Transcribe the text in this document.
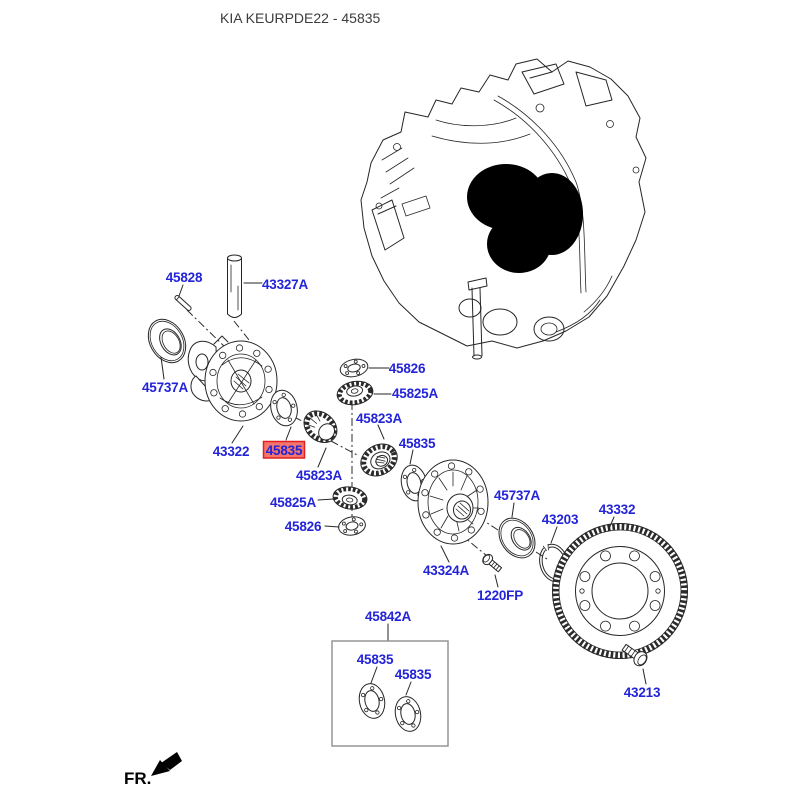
KIA KEURPDE22 - 45835
45828	43327A
45737A
43322 45835
45826
45825A
45823A
45823A
45835
45825A
45826
43324A
45737A
43203
43332
1220FP
43213
45842A
45835
45835
FR.
